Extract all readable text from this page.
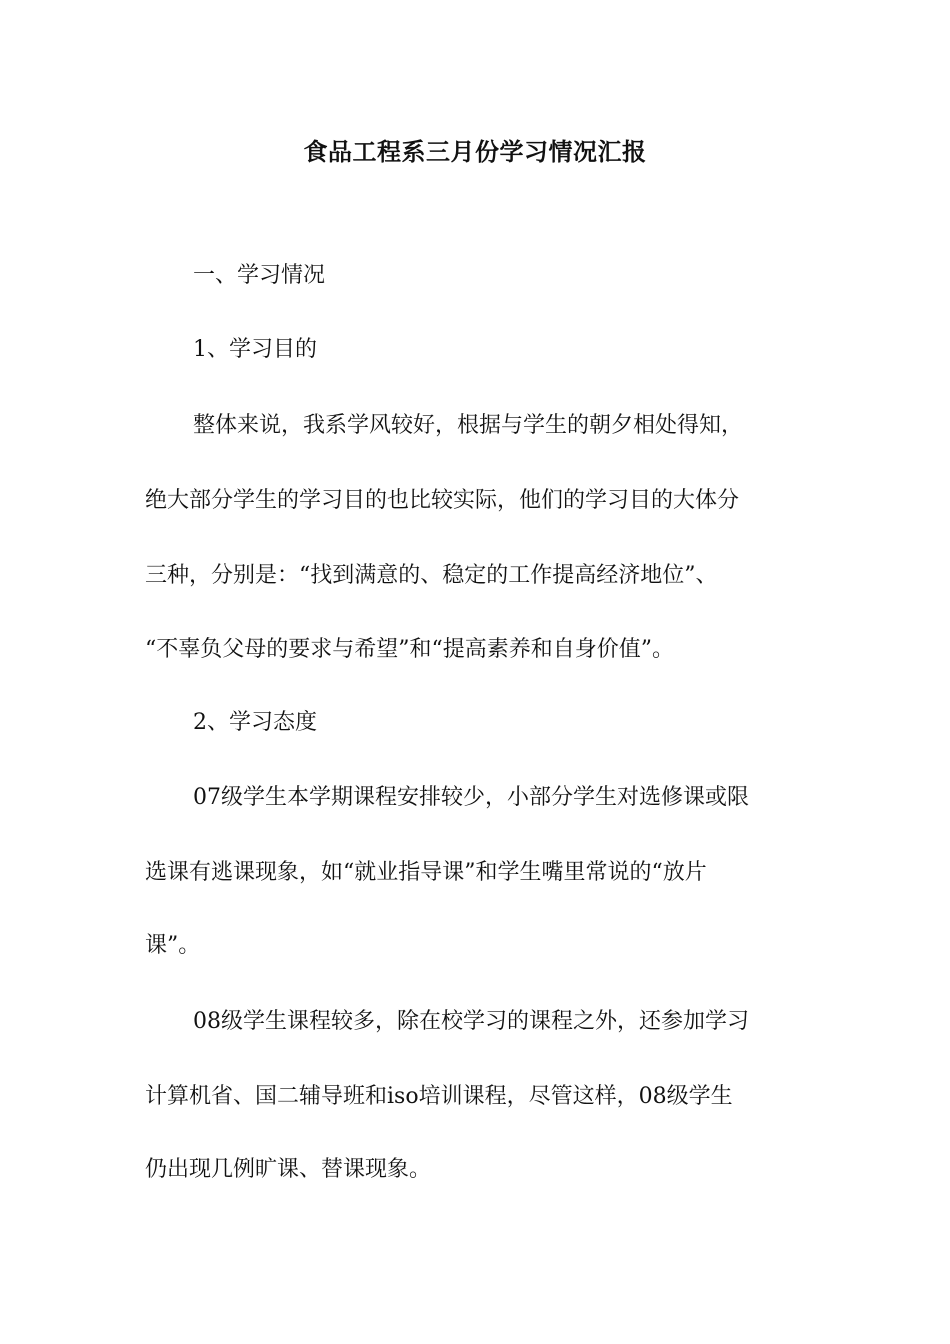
食品工程系三月份学习情况汇报

一、学习情况

1、学习目的

整体来说，我系学风较好，根据与学生的朝夕相处得知，

绝大部分学生的学习目的也比较实际，他们的学习目的大体分

三种，分别是：“找到满意的、稳定的工作提高经济地位”、

“不辜负父母的要求与希望”和“提高素养和自身价值”。

2、学习态度

07级学生本学期课程安排较少，小部分学生对选修课或限

选课有逃课现象，如“就业指导课”和学生嘴里常说的“放片

课”。

08级学生课程较多，除在校学习的课程之外，还参加学习

计算机省、国二辅导班和iso培训课程，尽管这样，08级学生

仍出现几例旷课、替课现象。
